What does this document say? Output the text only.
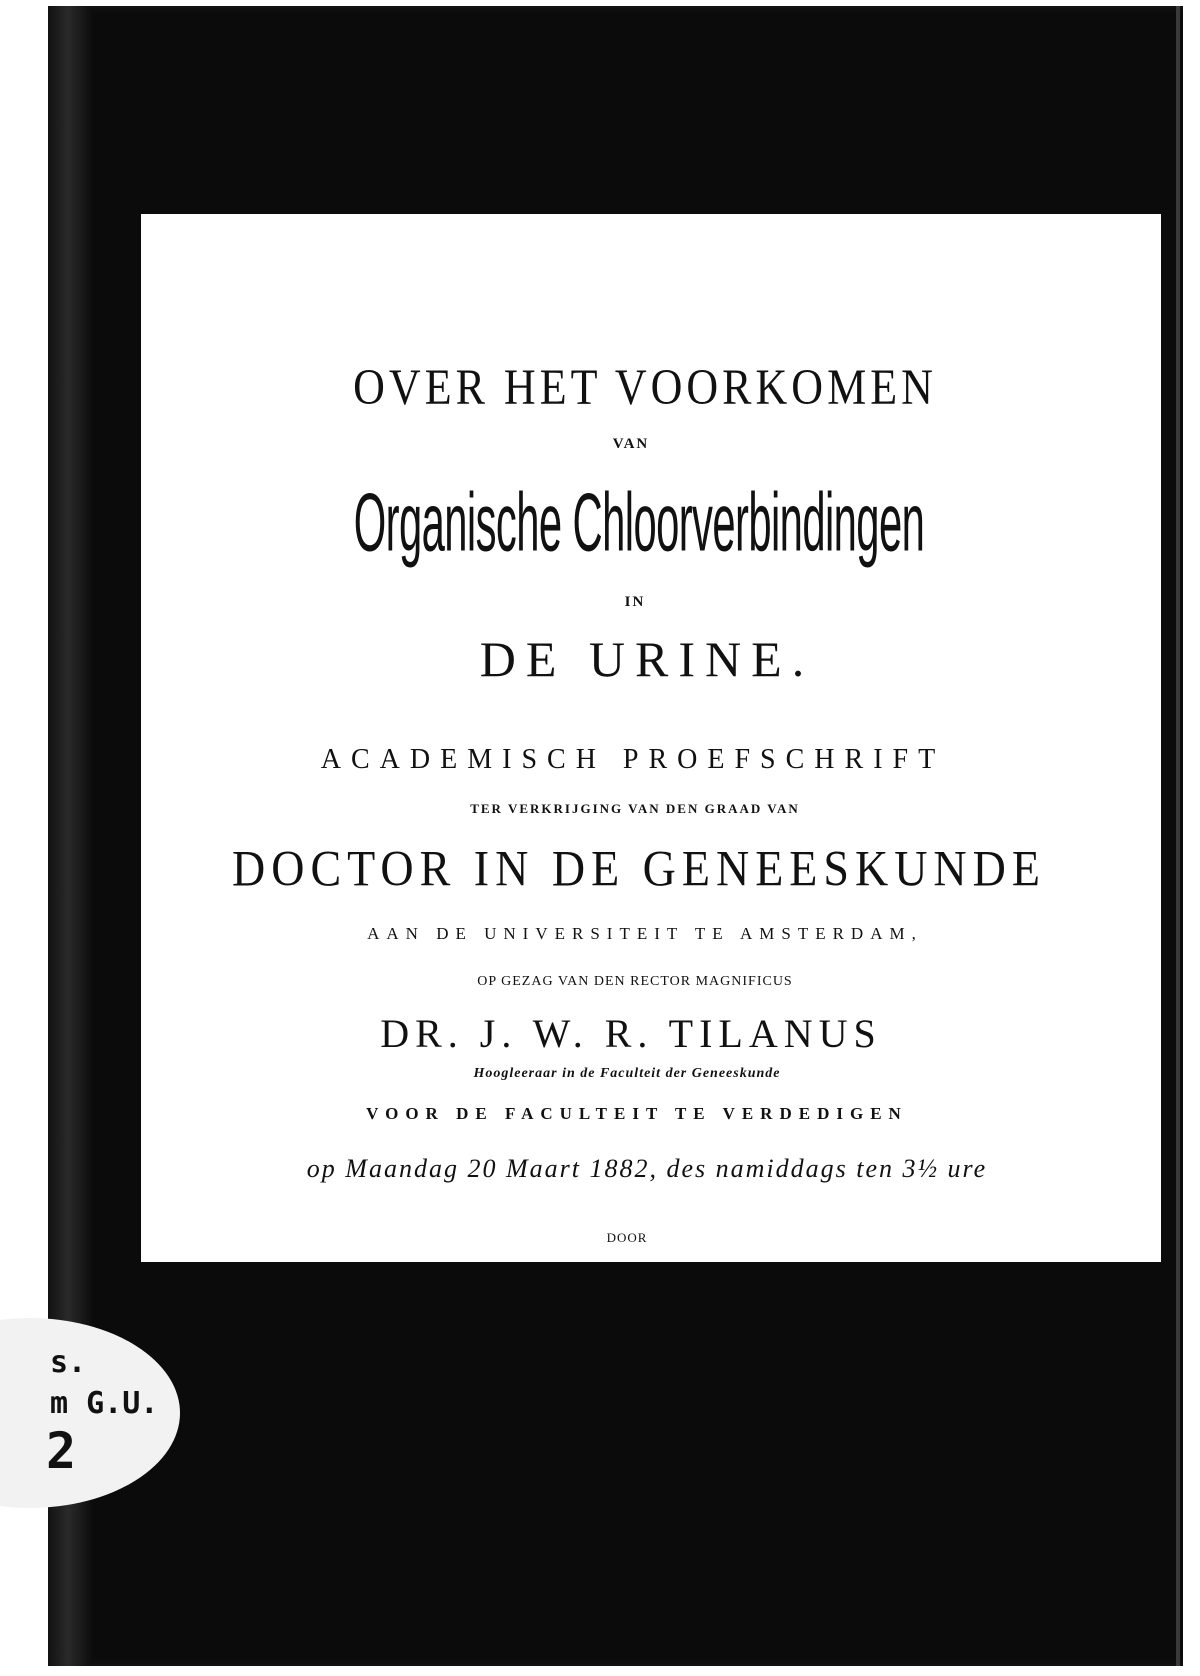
s.
m G.U.
2
OVER HET VOORKOMEN
VAN
Organische Chloorverbindingen
IN
DE URINE.
ACADEMISCH PROEFSCHRIFT
TER VERKRIJGING VAN DEN GRAAD VAN
DOCTOR IN DE GENEESKUNDE
AAN DE UNIVERSITEIT TE AMSTERDAM,
OP GEZAG VAN DEN RECTOR MAGNIFICUS
DR. J. W. R. TILANUS
Hoogleeraar in de Faculteit der Geneeskunde
VOOR DE FACULTEIT TE VERDEDIGEN
op Maandag 20 Maart 1882, des namiddags ten 3½ ure
DOOR
